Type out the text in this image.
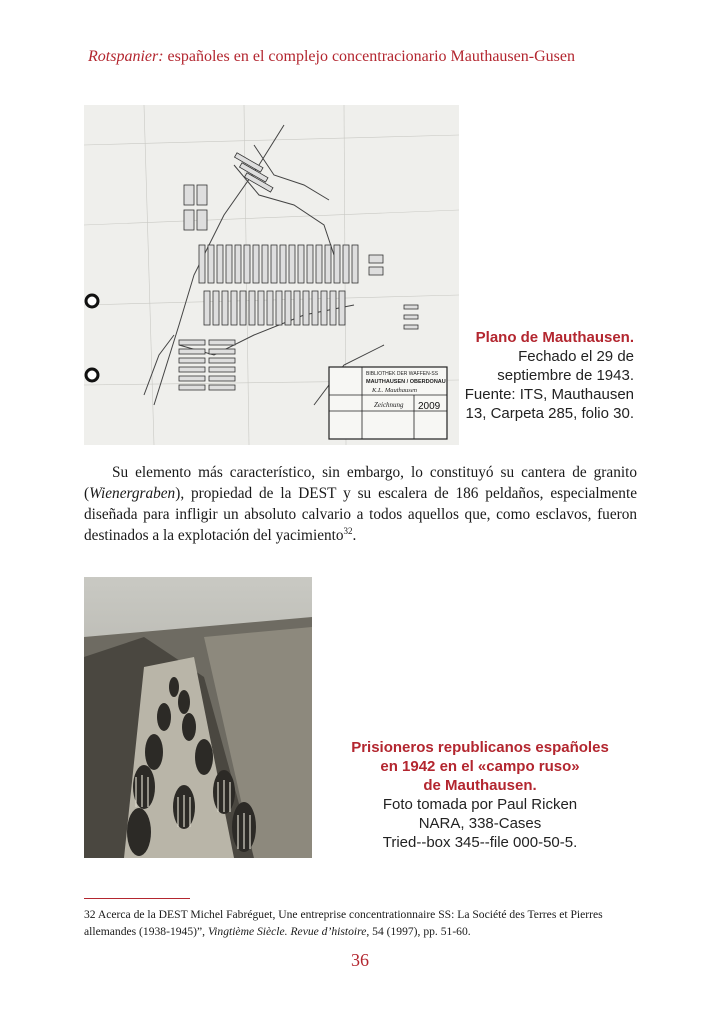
Rotspanier: españoles en el complejo concentracionario Mauthausen-Gusen
BIBLIOTHEK DER WAFFEN-SS
MAUTHAUSEN / OBERDONAU
K.L. Mauthausen
Zeichnung 2009
Plano de Mauthausen.
Fechado el 29 de
septiembre de 1943.
Fuente: ITS, Mauthausen
13, Carpeta 285, folio 30.
Su elemento más característico, sin embargo, lo constituyó su cantera de granito (Wienergraben), propiedad de la DEST y su escalera de 186 peldaños, especialmente diseñada para infligir un absoluto calvario a todos aquellos que, como esclavos, fueron destinados a la explotación del yacimiento$^{32}$.
Prisioneros republicanos españoles
en 1942 en el «campo ruso»
de Mauthausen.
Foto tomada por Paul Ricken
NARA, 338-Cases
Tried--box 345--file 000-50-5.
32 Acerca de la DEST Michel Fabréguet, Une entreprise concentrationnaire SS: La Société des Terres et Pierres allemandes (1938-1945)”, Vingtième Siècle. Revue d’histoire, 54 (1997), pp. 51-60.
36
